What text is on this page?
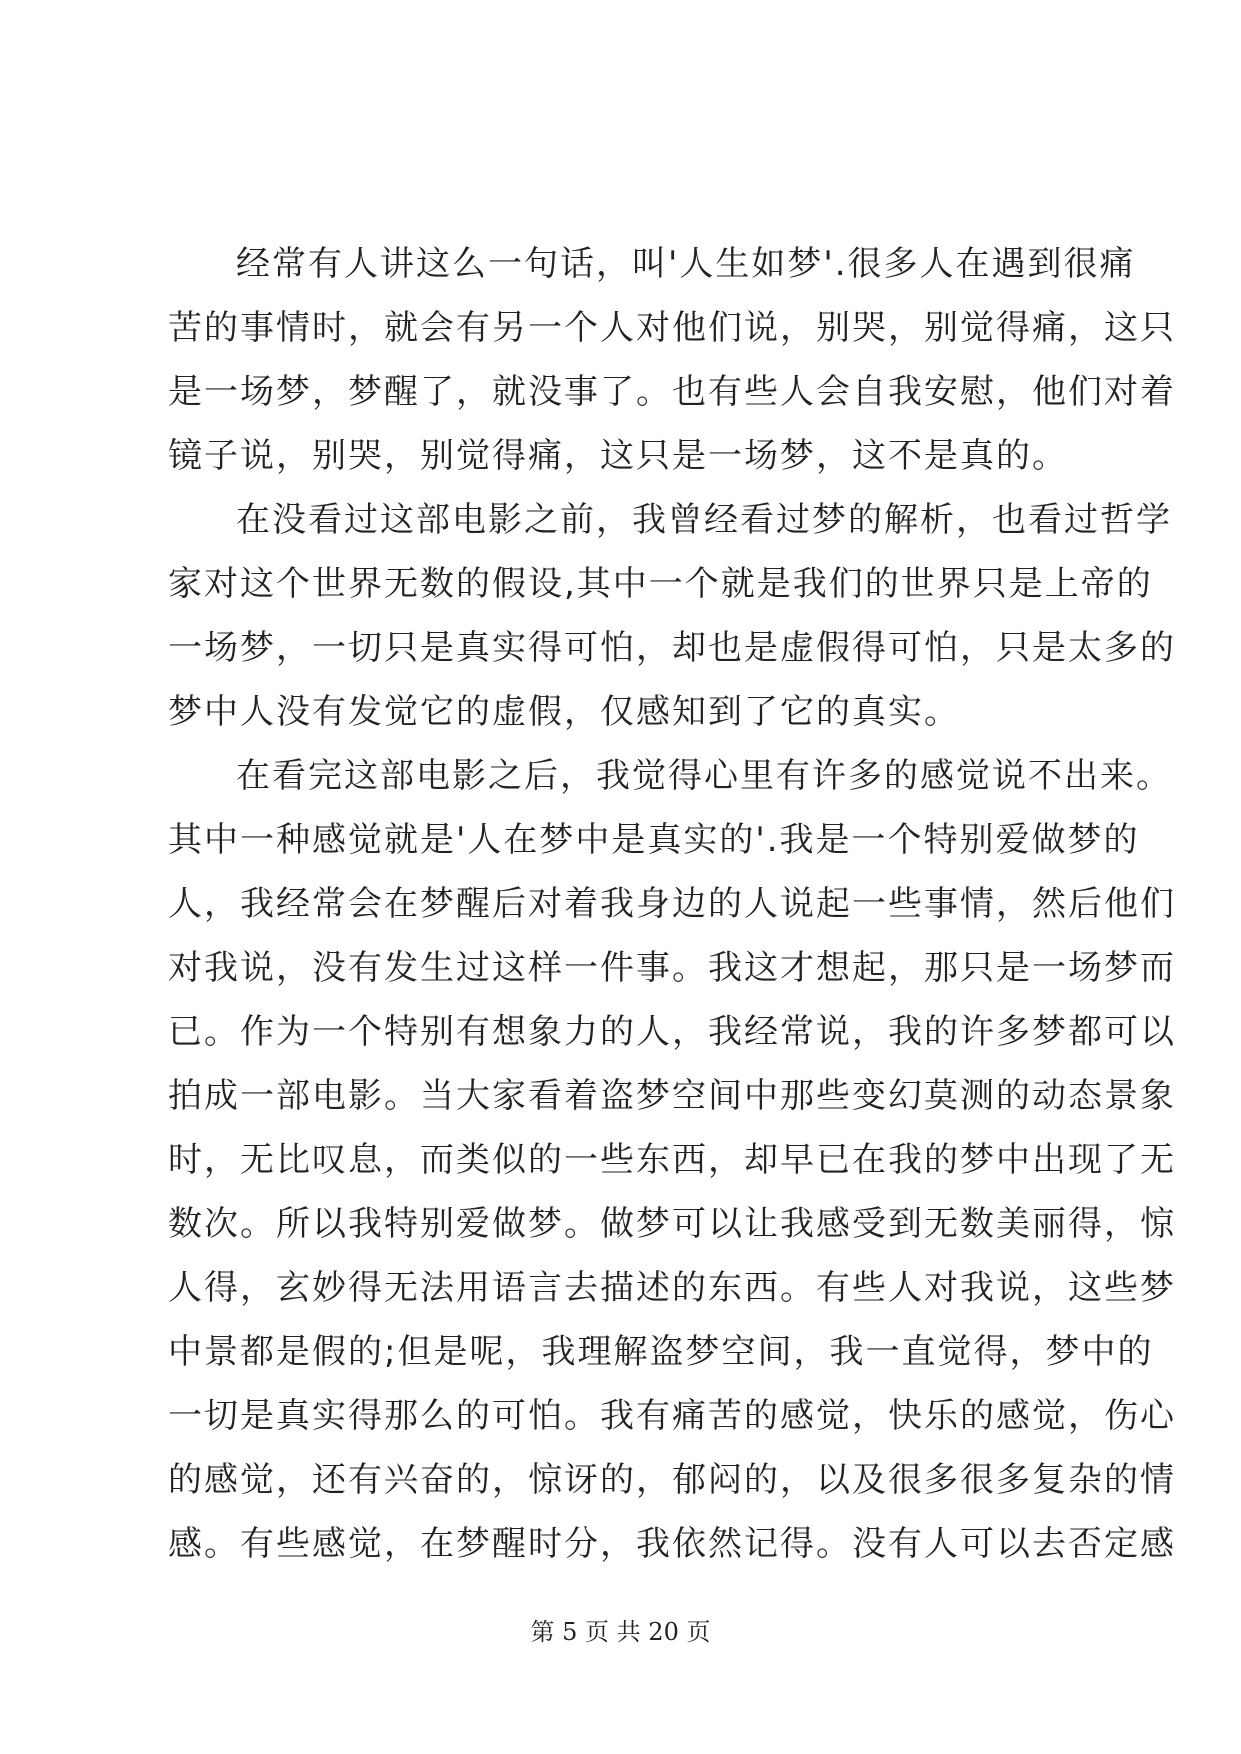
经常有人讲这么一句话，叫'人生如梦'.很多人在遇到很痛
苦的事情时，就会有另一个人对他们说，别哭，别觉得痛，这只
是一场梦，梦醒了，就没事了。也有些人会自我安慰，他们对着
镜子说，别哭，别觉得痛，这只是一场梦，这不是真的。
在没看过这部电影之前，我曾经看过梦的解析，也看过哲学
家对这个世界无数的假设,其中一个就是我们的世界只是上帝的
一场梦，一切只是真实得可怕，却也是虚假得可怕，只是太多的
梦中人没有发觉它的虚假，仅感知到了它的真实。
在看完这部电影之后，我觉得心里有许多的感觉说不出来。
其中一种感觉就是'人在梦中是真实的'.我是一个特别爱做梦的
人，我经常会在梦醒后对着我身边的人说起一些事情，然后他们
对我说，没有发生过这样一件事。我这才想起，那只是一场梦而
已。作为一个特别有想象力的人，我经常说，我的许多梦都可以
拍成一部电影。当大家看着盗梦空间中那些变幻莫测的动态景象
时，无比叹息，而类似的一些东西，却早已在我的梦中出现了无
数次。所以我特别爱做梦。做梦可以让我感受到无数美丽得，惊
人得，玄妙得无法用语言去描述的东西。有些人对我说，这些梦
中景都是假的;但是呢，我理解盗梦空间，我一直觉得，梦中的
一切是真实得那么的可怕。我有痛苦的感觉，快乐的感觉，伤心
的感觉，还有兴奋的，惊讶的，郁闷的，以及很多很多复杂的情
感。有些感觉，在梦醒时分，我依然记得。没有人可以去否定感
第 5 页 共 20 页
